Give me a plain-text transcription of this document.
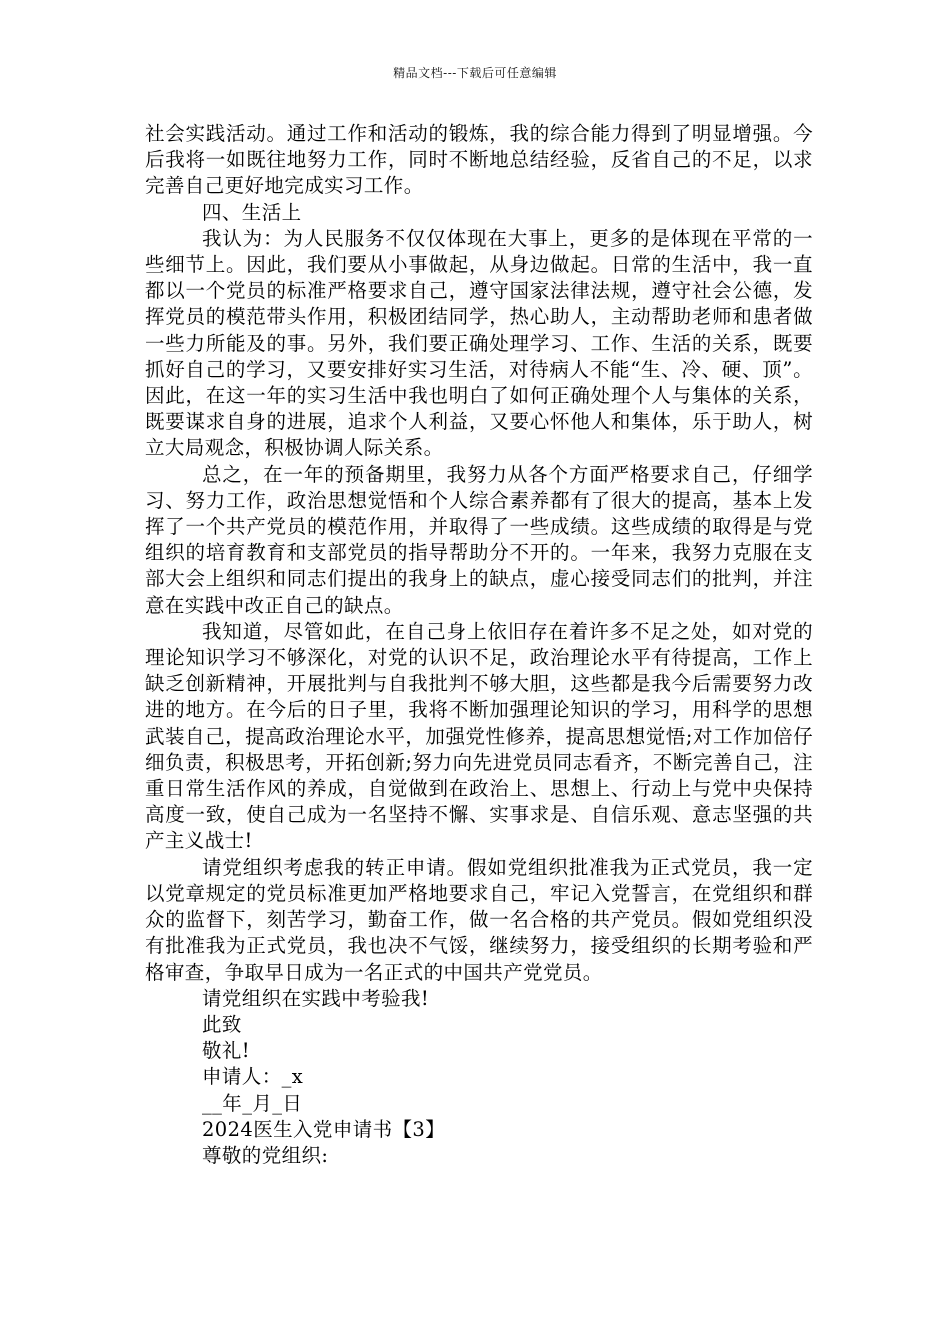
精品文档---下载后可任意编辑

社会实践活动。通过工作和活动的锻炼，我的综合能力得到了明显增强。今后我将一如既往地努力工作，同时不断地总结经验，反省自己的不足，以求完善自己更好地完成实习工作。

四、生活上

我认为：为人民服务不仅仅体现在大事上，更多的是体现在平常的一些细节上。因此，我们要从小事做起，从身边做起。日常的生活中，我一直都以一个党员的标准严格要求自己，遵守国家法律法规，遵守社会公德，发挥党员的模范带头作用，积极团结同学，热心助人，主动帮助老师和患者做一些力所能及的事。另外，我们要正确处理学习、工作、生活的关系，既要抓好自己的学习，又要安排好实习生活，对待病人不能“生、冷、硬、顶”。因此，在这一年的实习生活中我也明白了如何正确处理个人与集体的关系，既要谋求自身的进展，追求个人利益，又要心怀他人和集体，乐于助人，树立大局观念，积极协调人际关系。

总之，在一年的预备期里，我努力从各个方面严格要求自己，仔细学习、努力工作，政治思想觉悟和个人综合素养都有了很大的提高，基本上发挥了一个共产党员的模范作用，并取得了一些成绩。这些成绩的取得是与党组织的培育教育和支部党员的指导帮助分不开的。一年来，我努力克服在支部大会上组织和同志们提出的我身上的缺点，虚心接受同志们的批判，并注意在实践中改正自己的缺点。

我知道，尽管如此，在自己身上依旧存在着许多不足之处，如对党的理论知识学习不够深化，对党的认识不足，政治理论水平有待提高，工作上缺乏创新精神，开展批判与自我批判不够大胆，这些都是我今后需要努力改进的地方。在今后的日子里，我将不断加强理论知识的学习，用科学的思想武装自己，提高政治理论水平，加强党性修养，提高思想觉悟;对工作加倍仔细负责，积极思考，开拓创新;努力向先进党员同志看齐，不断完善自己，注重日常生活作风的养成，自觉做到在政治上、思想上、行动上与党中央保持高度一致，使自己成为一名坚持不懈、实事求是、自信乐观、意志坚强的共产主义战士!

请党组织考虑我的转正申请。假如党组织批准我为正式党员，我一定以党章规定的党员标准更加严格地要求自己，牢记入党誓言，在党组织和群众的监督下，刻苦学习，勤奋工作，做一名合格的共产党员。假如党组织没有批准我为正式党员，我也决不气馁，继续努力，接受组织的长期考验和严格审查，争取早日成为一名正式的中国共产党党员。

请党组织在实践中考验我!

此致

敬礼!

申请人：_x

__年_月_日

2024医生入党申请书【3】

尊敬的党组织:
